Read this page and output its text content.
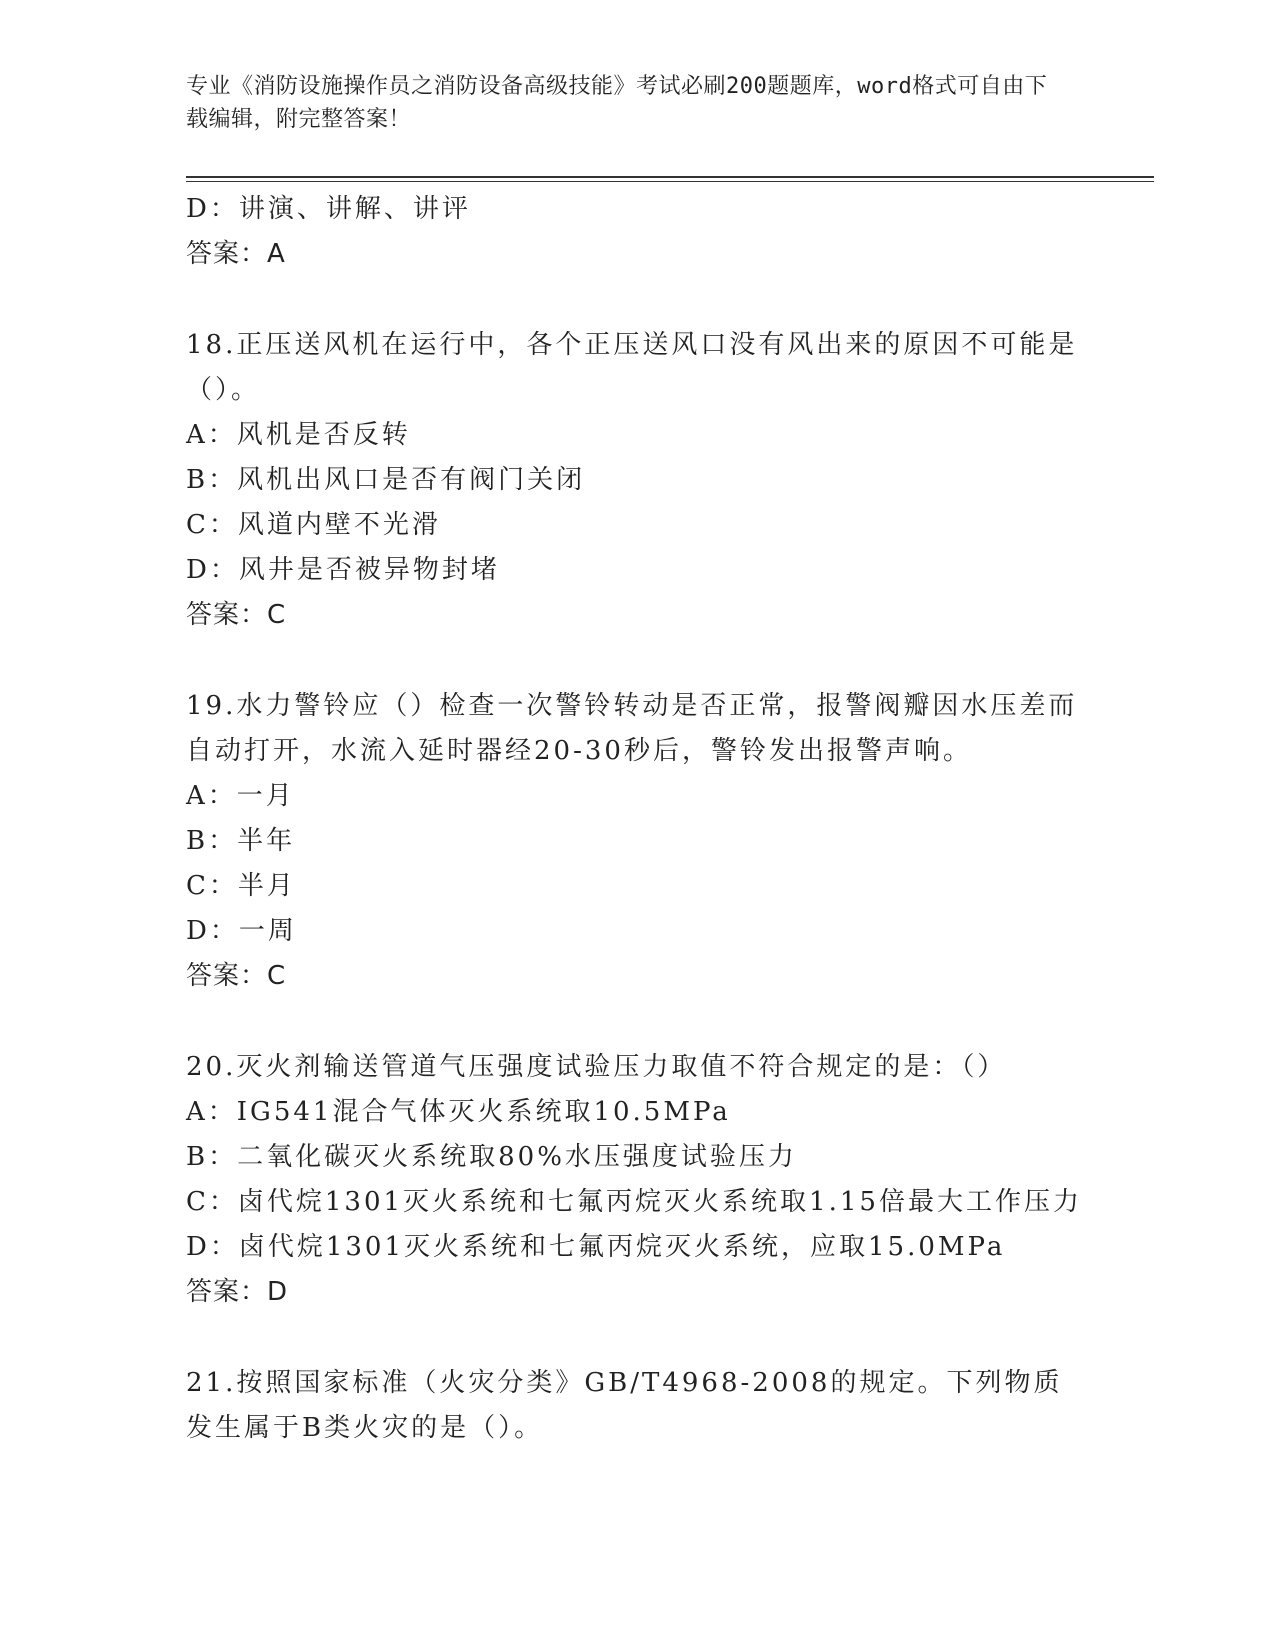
专业《消防设施操作员之消防设备高级技能》考试必刷200题题库，word格式可自由下载编辑，附完整答案！
D：讲演、讲解、讲评
答案：A
18.正压送风机在运行中，各个正压送风口没有风出来的原因不可能是（）。
A：风机是否反转
B：风机出风口是否有阀门关闭
C：风道内壁不光滑
D：风井是否被异物封堵
答案：C
19.水力警铃应（）检查一次警铃转动是否正常，报警阀瓣因水压差而自动打开，水流入延时器经20-30秒后，警铃发出报警声响。
A：一月
B：半年
C：半月
D：一周
答案：C
20.灭火剂输送管道气压强度试验压力取值不符合规定的是：（）
A：IG541混合气体灭火系统取10.5MPa
B：二氧化碳灭火系统取80%水压强度试验压力
C：卤代烷1301灭火系统和七氟丙烷灭火系统取1.15倍最大工作压力
D：卤代烷1301灭火系统和七氟丙烷灭火系统，应取15.0MPa
答案：D
21.按照国家标准（火灾分类》GB/T4968-2008的规定。下列物质发生属于B类火灾的是（）。
